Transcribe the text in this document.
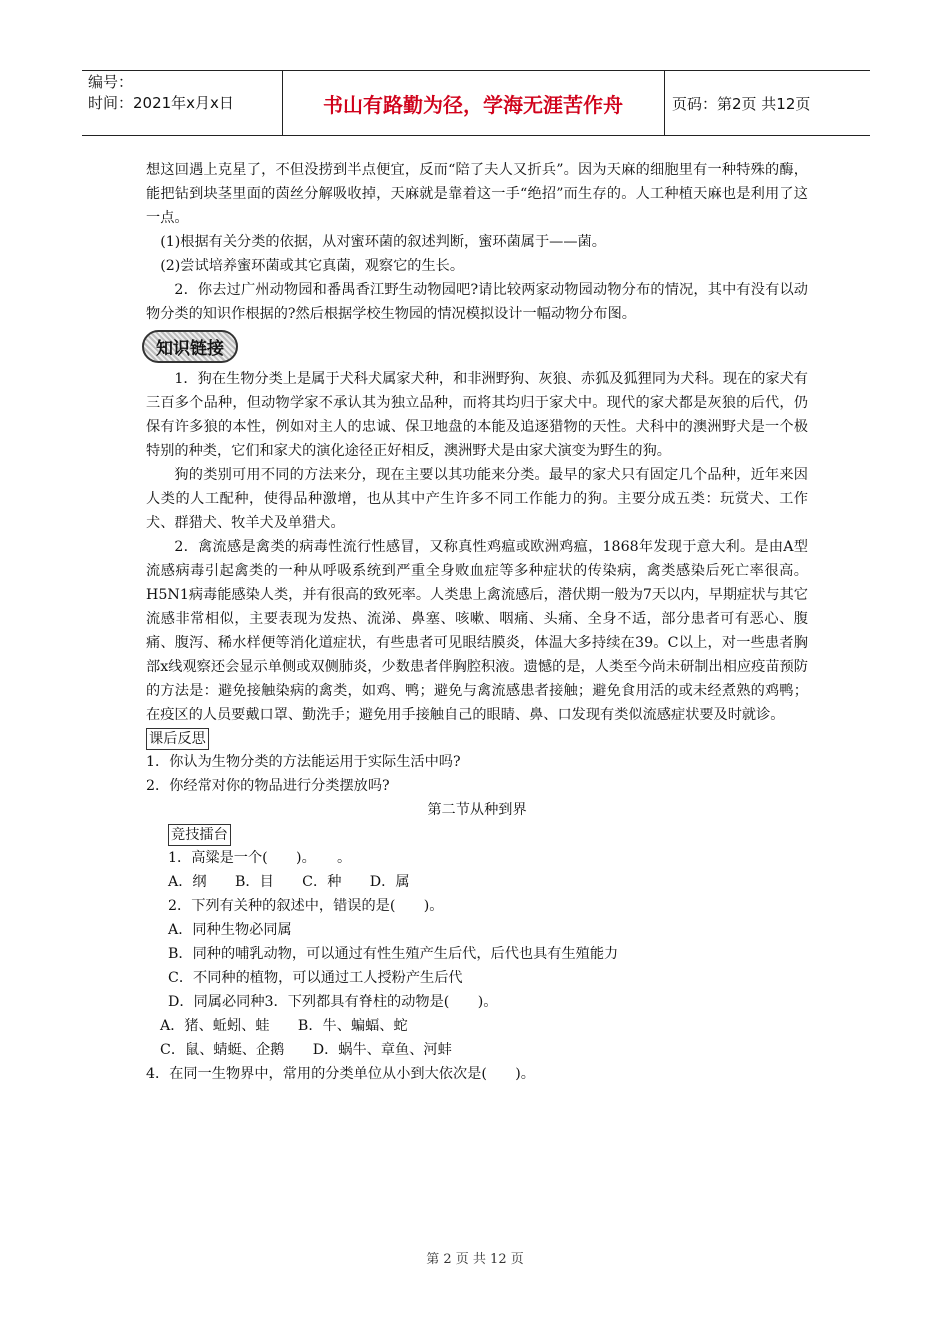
编号：
时间：2021年x月x日	书山有路勤为径，学海无涯苦作舟	页码：第2页 共12页

想这回遇上克星了，不但没捞到半点便宜，反而“陪了夫人又折兵”。因为天麻的细胞里有一种特殊的酶，能把钻到块茎里面的茵丝分解吸收掉，天麻就是靠着这一手“绝招”而生存的。人工种植天麻也是利用了这一点。

(1)根据有关分类的依据，从对蜜环菌的叙述判断，蜜环菌属于——菌。

(2)尝试培养蜜环菌或其它真菌，观察它的生长。

2．你去过广州动物园和番禺香江野生动物园吧?请比较两家动物园动物分布的情况，其中有没有以动物分类的知识作根据的?然后根据学校生物园的情况模拟设计一幅动物分布图。

知识链接

1．狗在生物分类上是属于犬科犬属家犬种，和非洲野狗、灰狼、赤狐及狐狸同为犬科。现在的家犬有三百多个品种，但动物学家不承认其为独立品种，而将其均归于家犬中。现代的家犬都是灰狼的后代，仍保有许多狼的本性，例如对主人的忠诚、保卫地盘的本能及追逐猎物的天性。犬科中的澳洲野犬是一个极特别的种类，它们和家犬的演化途径正好相反，澳洲野犬是由家犬演变为野生的狗。

狗的类别可用不同的方法来分，现在主要以其功能来分类。最早的家犬只有固定几个品种，近年来因人类的人工配种，使得品种激增，也从其中产生许多不同工作能力的狗。主要分成五类：玩赏犬、工作犬、群猎犬、牧羊犬及单猎犬。

2．禽流感是禽类的病毒性流行性感冒，又称真性鸡瘟或欧洲鸡瘟，1868年发现于意大利。是由A型流感病毒引起禽类的一种从呼吸系统到严重全身败血症等多种症状的传染病，禽类感染后死亡率很高。H5N1病毒能感染人类，并有很高的致死率。人类患上禽流感后，潜伏期一般为7天以内，早期症状与其它流感非常相似，主要表现为发热、流涕、鼻塞、咳嗽、咽痛、头痛、全身不适，部分患者可有恶心、腹痛、腹泻、稀水样便等消化道症状，有些患者可见眼结膜炎，体温大多持续在39。C以上，对一些患者胸部x线观察还会显示单侧或双侧肺炎，少数患者伴胸腔积液。遗憾的是，人类至今尚未研制出相应疫苗预防的方法是：避免接触染病的禽类，如鸡、鸭；避免与禽流感患者接触；避免食用活的或未经煮熟的鸡鸭；在疫区的人员要戴口罩、勤洗手；避免用手接触自己的眼睛、鼻、口发现有类似流感症状要及时就诊。

课后反思

1．你认为生物分类的方法能运用于实际生活中吗?

2．你经常对你的物品进行分类摆放吗?

第二节从种到界

竞技擂台

1．高粱是一个(　　)。　　。

A．纲　　B．目　　C．种　　D．属

2．下列有关种的叙述中，错误的是(　　)。

A．同种生物必同属

B．同种的哺乳动物，可以通过有性生殖产生后代，后代也具有生殖能力

C．不同种的植物，可以通过工人授粉产生后代

D．同属必同种3．下列都具有脊柱的动物是(　　)。

A．猪、蚯蚓、蛙　　B．牛、蝙蝠、蛇

C．鼠、蜻蜓、企鹅　　D．蜗牛、章鱼、河蚌

4．在同一生物界中，常用的分类单位从小到大依次是(　　)。

第 2 页 共 12 页
